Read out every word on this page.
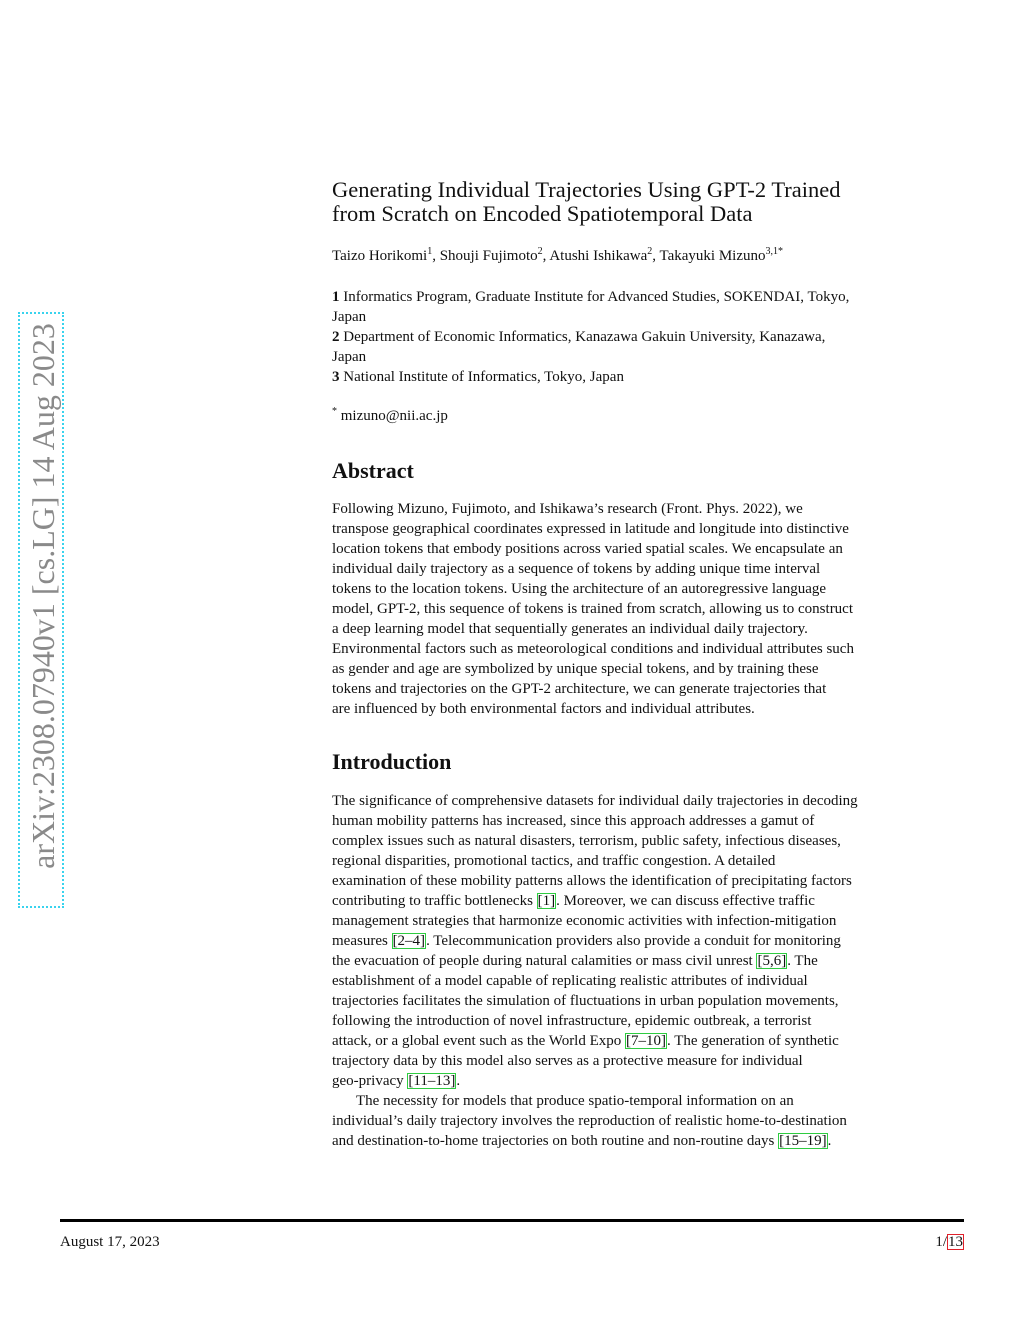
arXiv:2308.07940v1 [cs.LG] 14 Aug 2023
Generating Individual Trajectories Using GPT-2 Trained
from Scratch on Encoded Spatiotemporal Data
Taizo Horikomi$^1$, Shouji Fujimoto$^2$, Atushi Ishikawa$^2$, Takayuki Mizuno$^{3,1*}$
1 Informatics Program, Graduate Institute for Advanced Studies, SOKENDAI, Tokyo,
Japan
2 Department of Economic Informatics, Kanazawa Gakuin University, Kanazawa,
Japan
3 National Institute of Informatics, Tokyo, Japan
* mizuno@nii.ac.jp
Abstract

Following Mizuno, Fujimoto, and Ishikawa’s research (Front. Phys. 2022), we
transpose geographical coordinates expressed in latitude and longitude into distinctive
location tokens that embody positions across varied spatial scales. We encapsulate an
individual daily trajectory as a sequence of tokens by adding unique time interval
tokens to the location tokens. Using the architecture of an autoregressive language
model, GPT-2, this sequence of tokens is trained from scratch, allowing us to construct
a deep learning model that sequentially generates an individual daily trajectory.
Environmental factors such as meteorological conditions and individual attributes such
as gender and age are symbolized by unique special tokens, and by training these
tokens and trajectories on the GPT-2 architecture, we can generate trajectories that
are influenced by both environmental factors and individual attributes.

Introduction

The significance of comprehensive datasets for individual daily trajectories in decoding
human mobility patterns has increased, since this approach addresses a gamut of
complex issues such as natural disasters, terrorism, public safety, infectious diseases,
regional disparities, promotional tactics, and traffic congestion. A detailed
examination of these mobility patterns allows the identification of precipitating factors
contributing to traffic bottlenecks [1]. Moreover, we can discuss effective traffic
management strategies that harmonize economic activities with infection-mitigation
measures [2–4]. Telecommunication providers also provide a conduit for monitoring
the evacuation of people during natural calamities or mass civil unrest [5,6]. The
establishment of a model capable of replicating realistic attributes of individual
trajectories facilitates the simulation of fluctuations in urban population movements,
following the introduction of novel infrastructure, epidemic outbreak, a terrorist
attack, or a global event such as the World Expo [7–10]. The generation of synthetic
trajectory data by this model also serves as a protective measure for individual
geo-privacy [11–13].

The necessity for models that produce spatio-temporal information on an
individual’s daily trajectory involves the reproduction of realistic home-to-destination
and destination-to-home trajectories on both routine and non-routine days [15–19].

August 17, 2023	1/13
